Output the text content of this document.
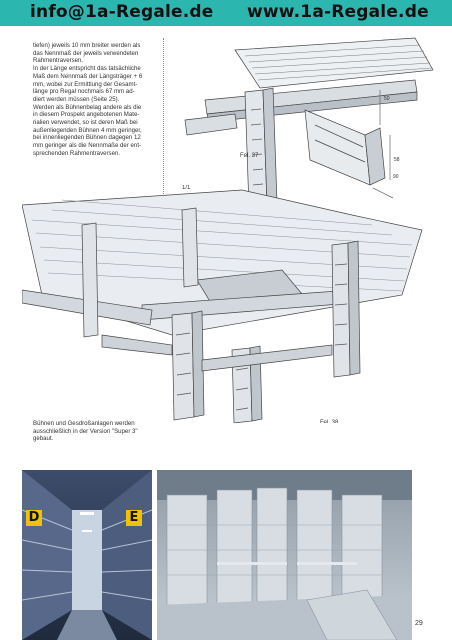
info@1a-Regale.de www.1a-Regale.de

tiefen) jeweils 10 mm breiter werden als

das Nennmaß der jeweils verwendeten

Rahmentraversen.

In der Länge entspricht das tatsächliche

Maß dem Nennmaß der Längsträger + 6

mm, wobei zur Ermittlung der Gesamt-

länge pro Regal nochmals 67 mm ad-

diert werden müssen (Seite 25).

Werden als Bühnenbelag andere als die

in diesem Prospekt angebotenen Mate-

rialien verwendet, so ist deren Maß bei

außenliegenden Bühnen 4 mm geringer,

bei innenliegenden Bühnen dagegen 12

mm geringer als die Nennmaße der ent-

sprechenden Rahmentraversen.

50
58
90
Fel. 37
1/1
Fel. 38
Bühnen und Gesdroßanlagen werden
ausschließlich in der Version "Super 3"
gebaut.
D	E
29
